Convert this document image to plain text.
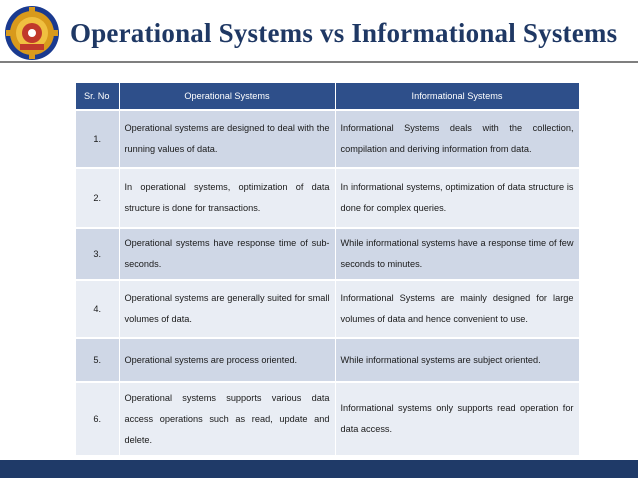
Operational Systems vs Informational Systems
Sr. No	Operational Systems	Informational Systems
1.	Operational systems are designed to deal with the running values of data.	Informational Systems deals with the collection, compilation and deriving information from data.
2.	In operational systems, optimization of data structure is done for transactions.	In informational systems, optimization of data structure is done for complex queries.
3.	Operational systems have response time of sub-seconds.	While informational systems have a response time of few seconds to minutes.
4.	Operational systems are generally suited for small volumes of data.	Informational Systems are mainly designed for large volumes of data and hence convenient to use.
5.	Operational systems are process oriented.	While informational systems are subject oriented.
6.	Operational systems supports various data access operations such as read, update and delete.	Informational systems only supports read operation for data access.
